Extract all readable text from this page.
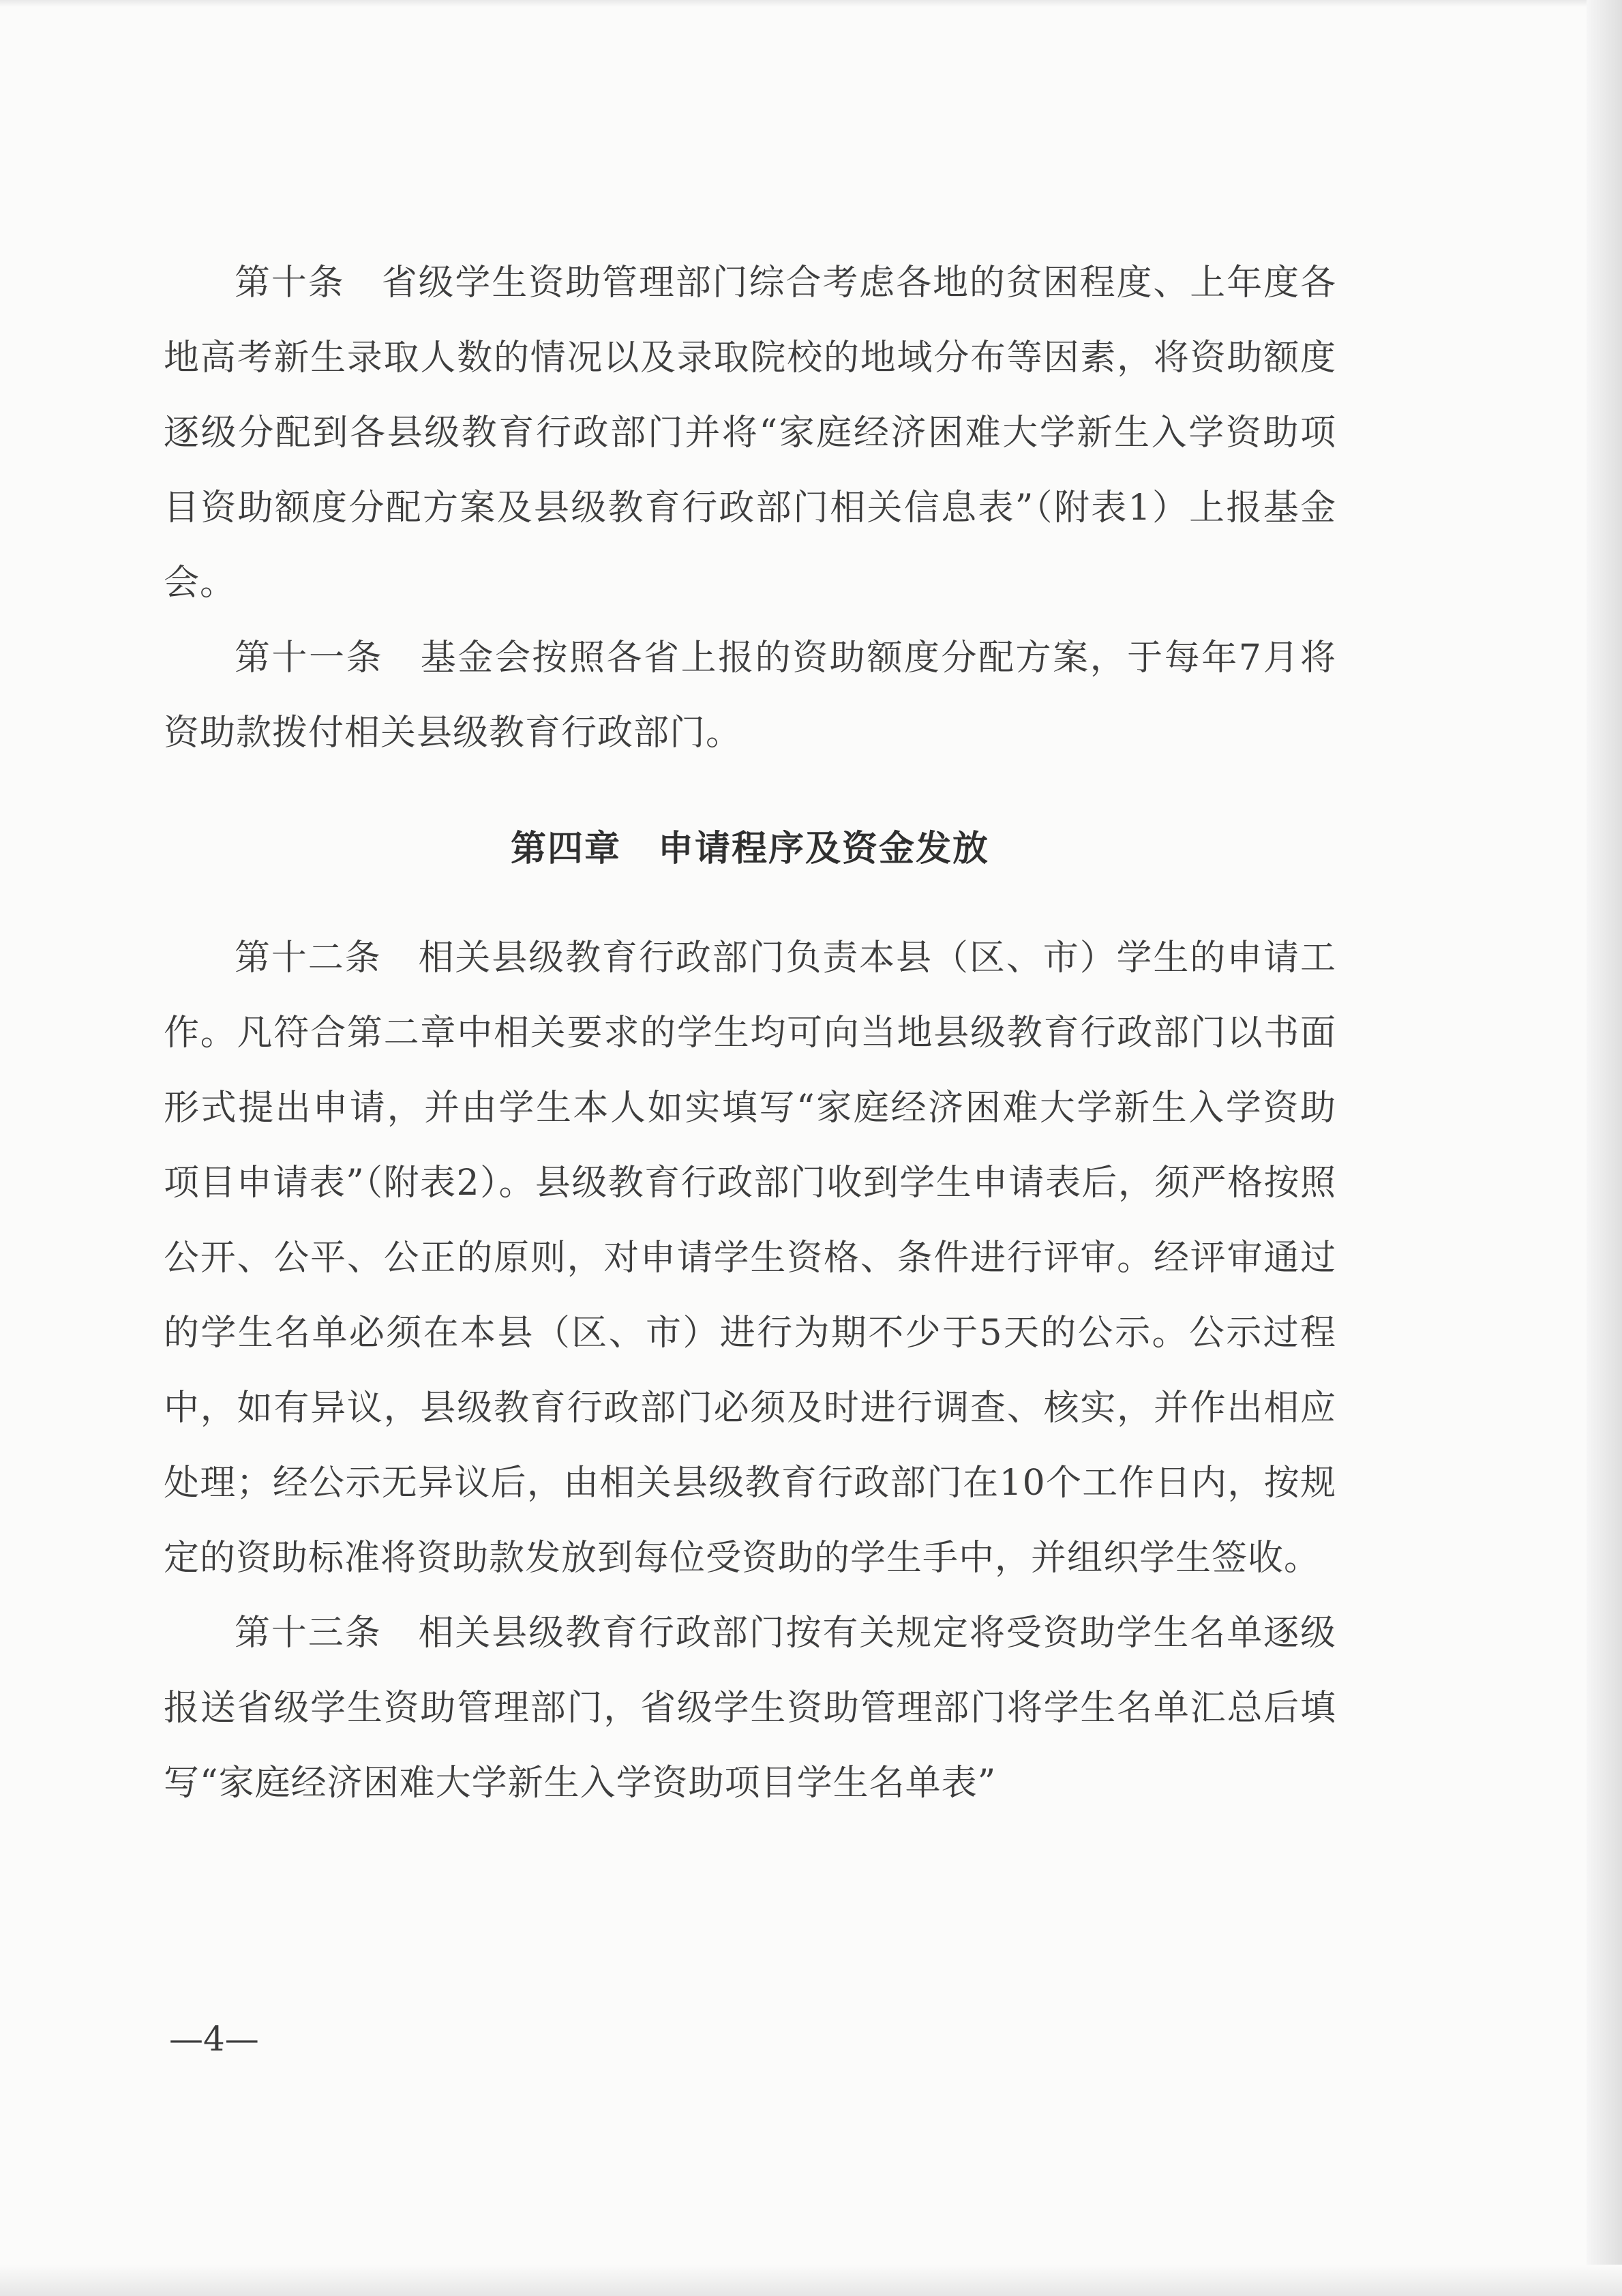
第十条　省级学生资助管理部门综合考虑各地的贫困程度、上年度各地高考新生录取人数的情况以及录取院校的地域分布等因素，将资助额度逐级分配到各县级教育行政部门并将“家庭经济困难大学新生入学资助项目资助额度分配方案及县级教育行政部门相关信息表”（附表1）上报基金会。

第十一条　基金会按照各省上报的资助额度分配方案，于每年7月将资助款拨付相关县级教育行政部门。

第四章　申请程序及资金发放

第十二条　相关县级教育行政部门负责本县（区、市）学生的申请工作。凡符合第二章中相关要求的学生均可向当地县级教育行政部门以书面形式提出申请，并由学生本人如实填写“家庭经济困难大学新生入学资助项目申请表”（附表2）。县级教育行政部门收到学生申请表后，须严格按照公开、公平、公正的原则，对申请学生资格、条件进行评审。经评审通过的学生名单必须在本县（区、市）进行为期不少于5天的公示。公示过程中，如有异议，县级教育行政部门必须及时进行调查、核实，并作出相应处理；经公示无异议后，由相关县级教育行政部门在10个工作日内，按规定的资助标准将资助款发放到每位受资助的学生手中，并组织学生签收。

第十三条　相关县级教育行政部门按有关规定将受资助学生名单逐级报送省级学生资助管理部门，省级学生资助管理部门将学生名单汇总后填写“家庭经济困难大学新生入学资助项目学生名单表”

—4—
